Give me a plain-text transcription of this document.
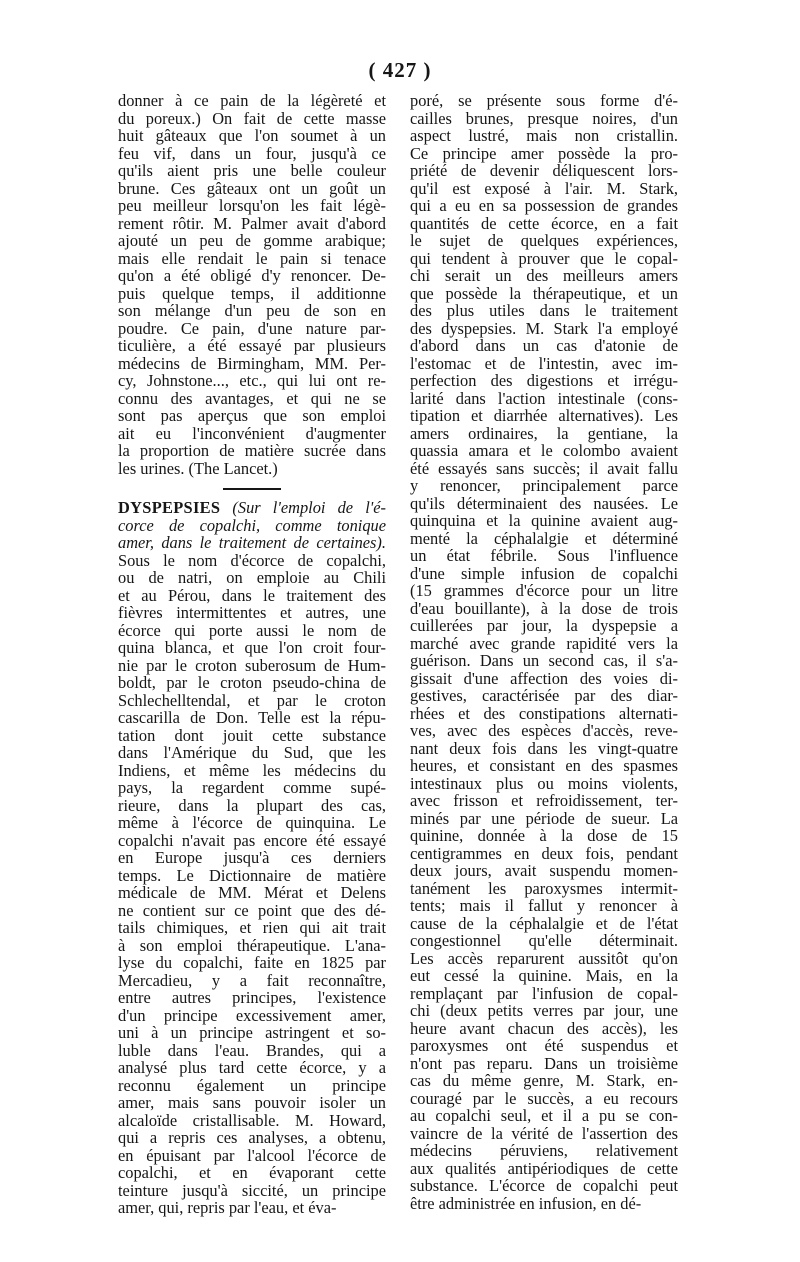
( 427 )
donner à ce pain de la légèreté et
du poreux.) On fait de cette masse
huit gâteaux que l'on soumet à un
feu vif, dans un four, jusqu'à ce
qu'ils aient pris une belle couleur
brune. Ces gâteaux ont un goût un
peu meilleur lorsqu'on les fait légè-
rement rôtir. M. Palmer avait d'abord
ajouté un peu de gomme arabique;
mais elle rendait le pain si tenace
qu'on a été obligé d'y renoncer. De-
puis quelque temps, il additionne
son mélange d'un peu de son en
poudre. Ce pain, d'une nature par-
ticulière, a été essayé par plusieurs
médecins de Birmingham, MM. Per-
cy, Johnstone..., etc., qui lui ont re-
connu des avantages, et qui ne se
sont pas aperçus que son emploi
ait eu l'inconvénient d'augmenter
la proportion de matière sucrée dans
les urines. (The Lancet.)
DYSPEPSIES (Sur l'emploi de l'é-
corce de copalchi, comme tonique
amer, dans le traitement de certaines).
Sous le nom d'écorce de copalchi,
ou de natri, on emploie au Chili
et au Pérou, dans le traitement des
fièvres intermittentes et autres, une
écorce qui porte aussi le nom de
quina blanca, et que l'on croit four-
nie par le croton suberosum de Hum-
boldt, par le croton pseudo-china de
Schlechelltendal, et par le croton
cascarilla de Don. Telle est la répu-
tation dont jouit cette substance
dans l'Amérique du Sud, que les
Indiens, et même les médecins du
pays, la regardent comme supé-
rieure, dans la plupart des cas,
même à l'écorce de quinquina. Le
copalchi n'avait pas encore été essayé
en Europe jusqu'à ces derniers
temps. Le Dictionnaire de matière
médicale de MM. Mérat et Delens
ne contient sur ce point que des dé-
tails chimiques, et rien qui ait trait
à son emploi thérapeutique. L'ana-
lyse du copalchi, faite en 1825 par
Mercadieu, y a fait reconnaître,
entre autres principes, l'existence
d'un principe excessivement amer,
uni à un principe astringent et so-
luble dans l'eau. Brandes, qui a
analysé plus tard cette écorce, y a
reconnu également un principe
amer, mais sans pouvoir isoler un
alcaloïde cristallisable. M. Howard,
qui a repris ces analyses, a obtenu,
en épuisant par l'alcool l'écorce de
copalchi, et en évaporant cette
teinture jusqu'à siccité, un principe
amer, qui, repris par l'eau, et éva-
poré, se présente sous forme d'é-
cailles brunes, presque noires, d'un
aspect lustré, mais non cristallin.
Ce principe amer possède la pro-
priété de devenir déliquescent lors-
qu'il est exposé à l'air. M. Stark,
qui a eu en sa possession de grandes
quantités de cette écorce, en a fait
le sujet de quelques expériences,
qui tendent à prouver que le copal-
chi serait un des meilleurs amers
que possède la thérapeutique, et un
des plus utiles dans le traitement
des dyspepsies. M. Stark l'a employé
d'abord dans un cas d'atonie de
l'estomac et de l'intestin, avec im-
perfection des digestions et irrégu-
larité dans l'action intestinale (cons-
tipation et diarrhée alternatives). Les
amers ordinaires, la gentiane, la
quassia amara et le colombo avaient
été essayés sans succès; il avait fallu
y renoncer, principalement parce
qu'ils déterminaient des nausées. Le
quinquina et la quinine avaient aug-
menté la céphalalgie et déterminé
un état fébrile. Sous l'influence
d'une simple infusion de copalchi
(15 grammes d'écorce pour un litre
d'eau bouillante), à la dose de trois
cuillerées par jour, la dyspepsie a
marché avec grande rapidité vers la
guérison. Dans un second cas, il s'a-
gissait d'une affection des voies di-
gestives, caractérisée par des diar-
rhées et des constipations alternati-
ves, avec des espèces d'accès, reve-
nant deux fois dans les vingt-quatre
heures, et consistant en des spasmes
intestinaux plus ou moins violents,
avec frisson et refroidissement, ter-
minés par une période de sueur. La
quinine, donnée à la dose de 15
centigrammes en deux fois, pendant
deux jours, avait suspendu momen-
tanément les paroxysmes intermit-
tents; mais il fallut y renoncer à
cause de la céphalalgie et de l'état
congestionnel qu'elle déterminait.
Les accès reparurent aussitôt qu'on
eut cessé la quinine. Mais, en la
remplaçant par l'infusion de copal-
chi (deux petits verres par jour, une
heure avant chacun des accès), les
paroxysmes ont été suspendus et
n'ont pas reparu. Dans un troisième
cas du même genre, M. Stark, en-
couragé par le succès, a eu recours
au copalchi seul, et il a pu se con-
vaincre de la vérité de l'assertion des
médecins péruviens, relativement
aux qualités antipériodiques de cette
substance. L'écorce de copalchi peut
être administrée en infusion, en dé-
